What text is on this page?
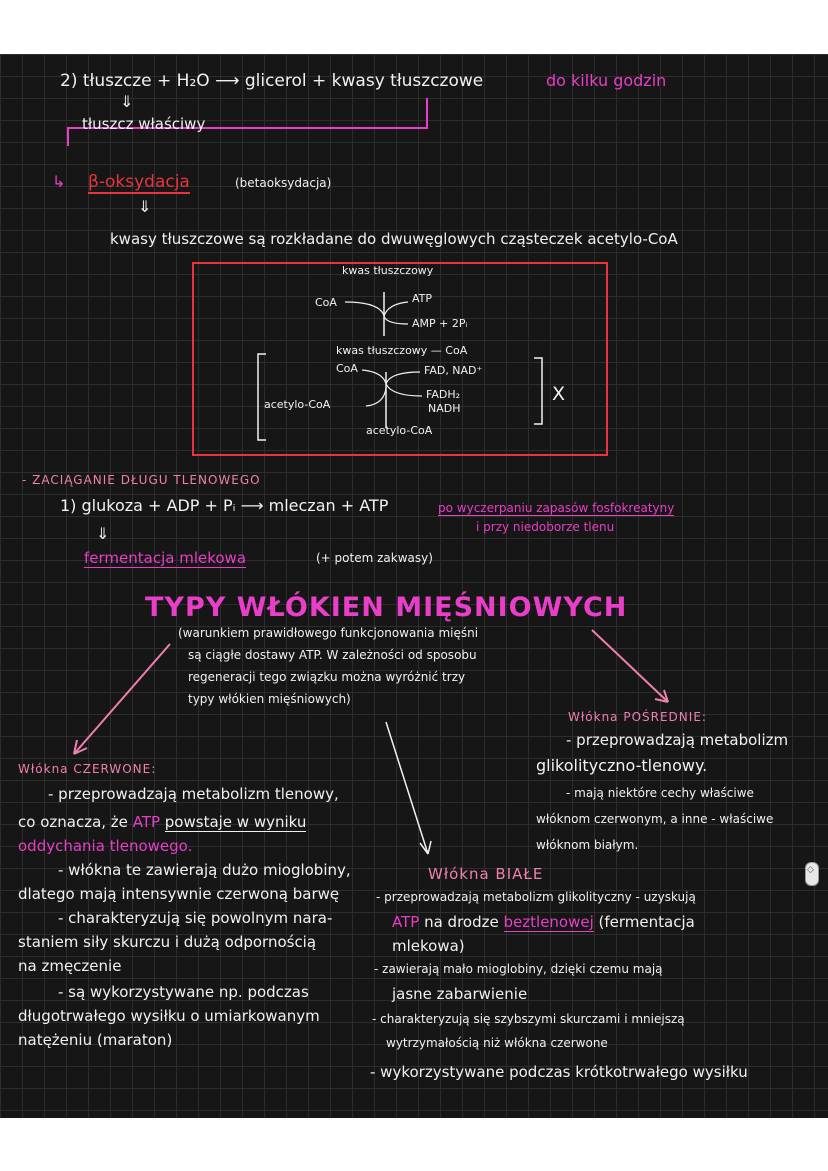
2) tłuszcze + H₂O ⟶ glicerol + kwasy tłuszczowe	do kilku godzin
⇓
tłuszcz właściwy
↳ β-oksydacja	(betaoksydacja)
⇓
kwasy tłuszczowe są rozkładane do dwuwęglowych cząsteczek acetylo-CoA
kwas tłuszczowy
CoA	ATP
AMP + 2Pᵢ
kwas tłuszczowy — CoA
CoA	FAD, NAD⁺
FADH₂
NADH
acetylo-CoA	X
acetylo-CoA
- ZACIĄGANIE DŁUGU TLENOWEGO
1) glukoza + ADP + Pᵢ ⟶ mleczan + ATP	po wyczerpaniu zapasów fosfokreatyny
i przy niedoborze tlenu
⇓
fermentacja mlekowa	(+ potem zakwasy)
TYPY WŁÓKIEN MIĘŚNIOWYCH
(warunkiem prawidłowego funkcjonowania mięśni
są ciągłe dostawy ATP. W zależności od sposobu
regeneracji tego związku można wyróżnić trzy
typy włókien mięśniowych)
Włókna POŚREDNIE:
- przeprowadzają metabolizm
glikolityczno-tlenowy.
- mają niektóre cechy właściwe
włóknom czerwonym, a inne - właściwe
włóknom białym.
Włókna CZERWONE:
- przeprowadzają metabolizm tlenowy,
co oznacza, że ATP powstaje w wyniku
oddychania tlenowego.
- włókna te zawierają dużo mioglobiny,
dlatego mają intensywnie czerwoną barwę
- charakteryzują się powolnym nara-
staniem siły skurczu i dużą odpornością
na zmęczenie
- są wykorzystywane np. podczas
długotrwałego wysiłku o umiarkowanym
natężeniu (maraton)
Włókna BIAŁE
- przeprowadzają metabolizm glikolityczny - uzyskują
ATP na drodze beztlenowej (fermentacja
mlekowa)
- zawierają mało mioglobiny, dzięki czemu mają
jasne zabarwienie
- charakteryzują się szybszymi skurczami i mniejszą
wytrzymałością niż włókna czerwone
- wykorzystywane podczas krótkotrwałego wysiłku
◇
